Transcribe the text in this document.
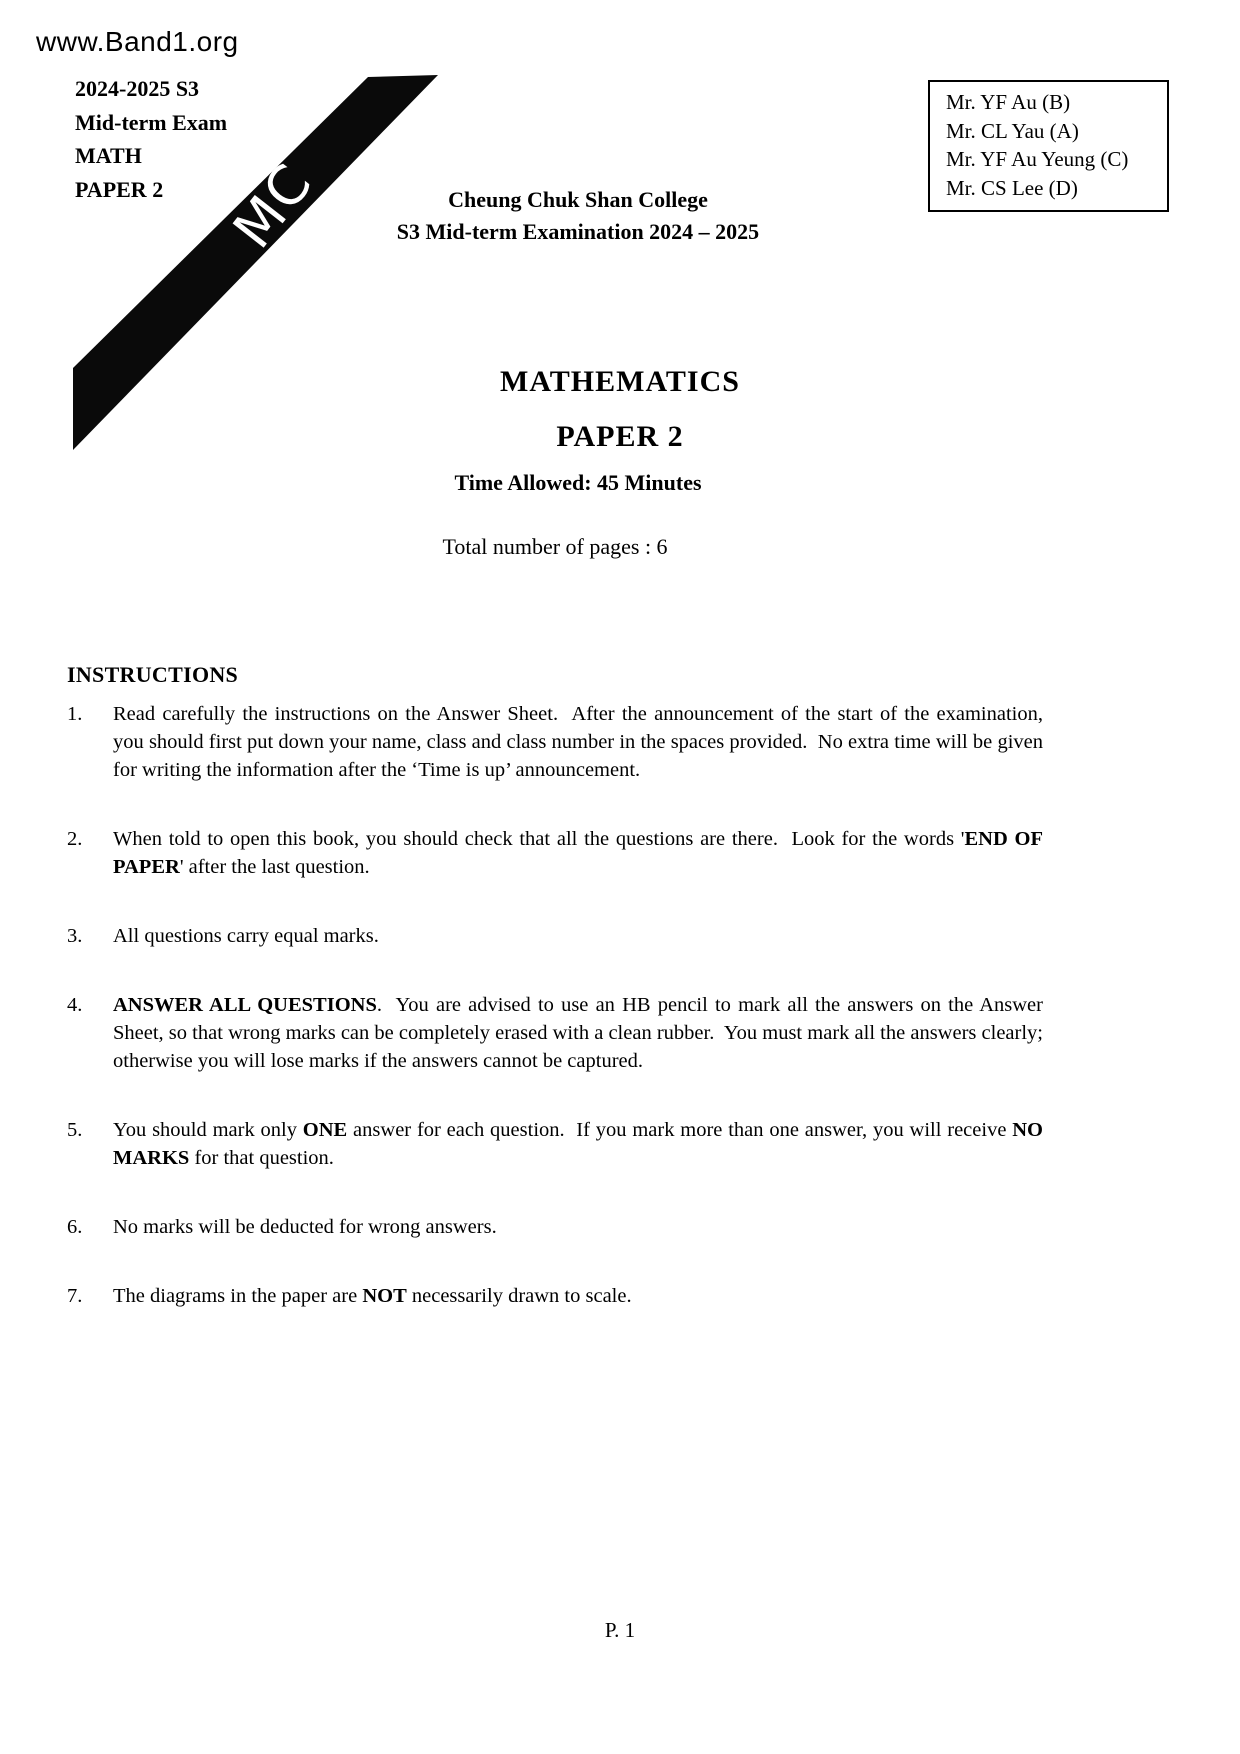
MC
www.Band1.org
2024-2025 S3
Mid-term Exam
MATH
PAPER 2
Mr. YF Au (B)
Mr. CL Yau (A)
Mr. YF Au Yeung (C)
Mr. CS Lee (D)
Cheung Chuk Shan College
S3 Mid-term Examination 2024 – 2025
MATHEMATICS
PAPER 2
Time Allowed: 45 Minutes
Total number of pages : 6
INSTRUCTIONS
1. Read carefully the instructions on the Answer Sheet.  After the announcement of the start of the examination, you should first put down your name, class and class number in the spaces provided.  No extra time will be given for writing the information after the ‘Time is up’ announcement.
2. When told to open this book, you should check that all the questions are there.  Look for the words 'END OF PAPER' after the last question.
3. All questions carry equal marks.
4. ANSWER ALL QUESTIONS.  You are advised to use an HB pencil to mark all the answers on the Answer Sheet, so that wrong marks can be completely erased with a clean rubber.  You must mark all the answers clearly; otherwise you will lose marks if the answers cannot be captured.
5. You should mark only ONE answer for each question.  If you mark more than one answer, you will receive NO MARKS for that question.
6. No marks will be deducted for wrong answers.
7. The diagrams in the paper are NOT necessarily drawn to scale.
P. 1
